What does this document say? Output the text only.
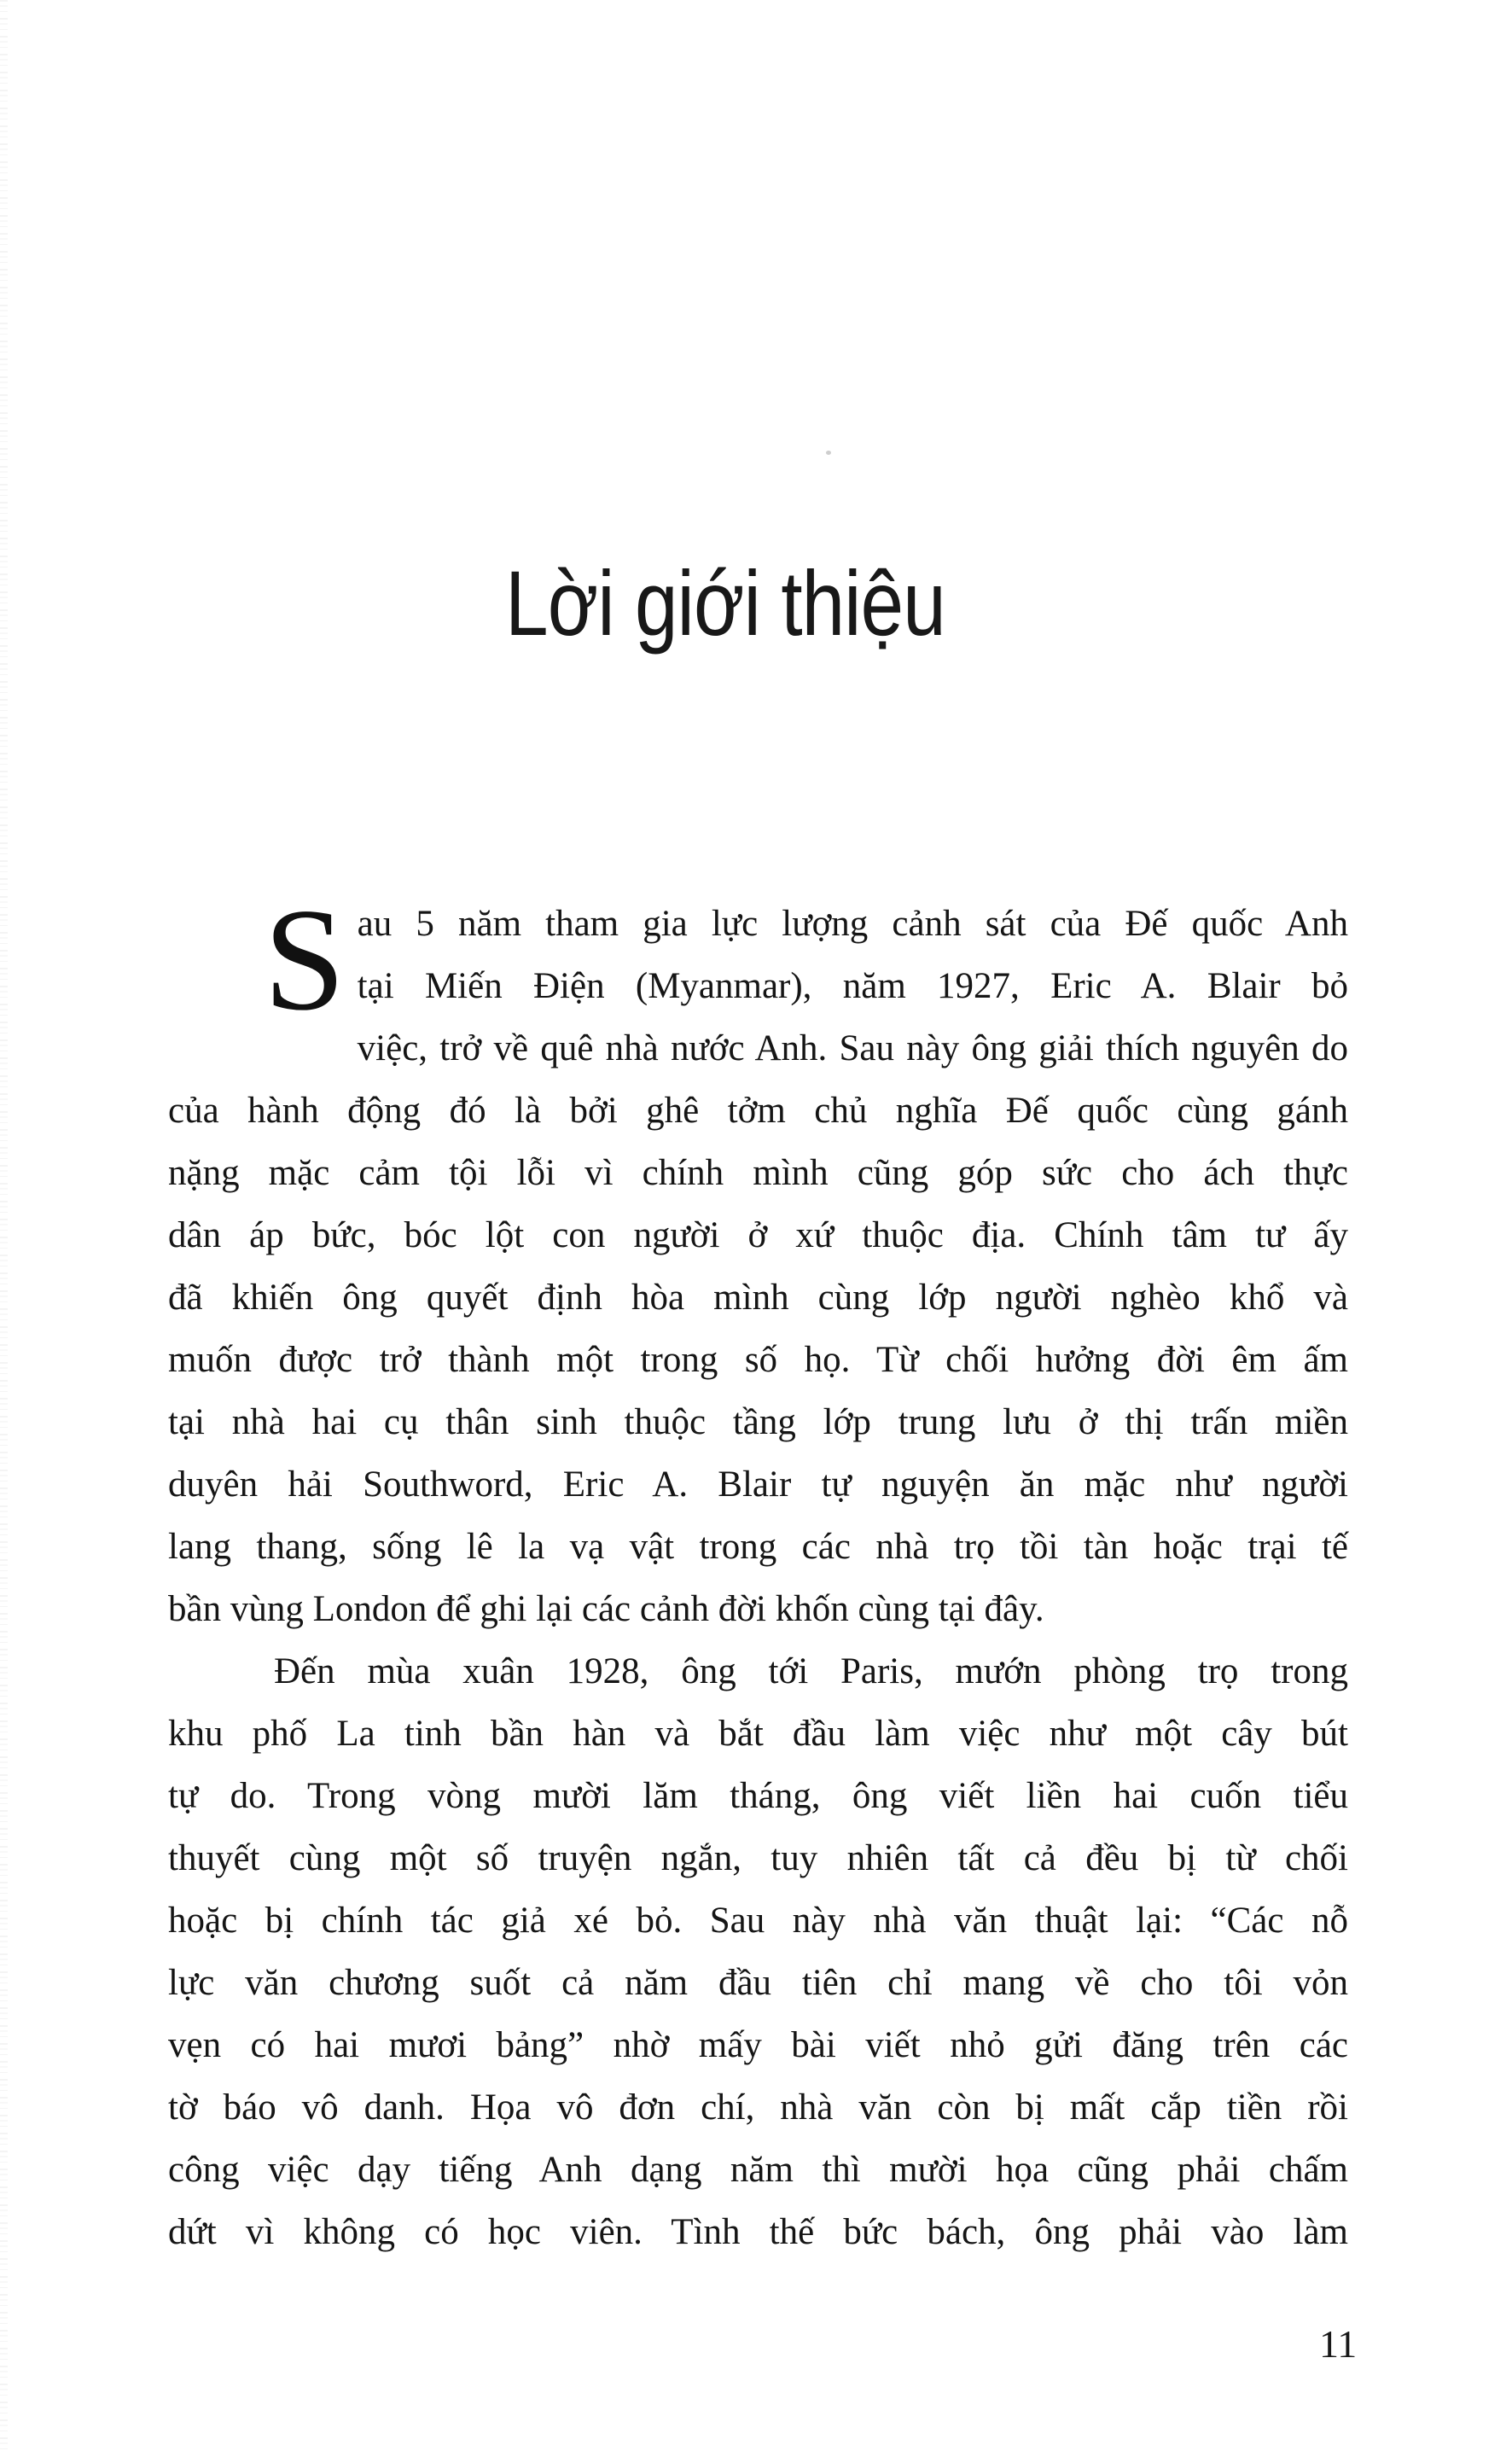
Lời giới thiệu
S au 5 năm tham gia lực lượng cảnh sát của Đế quốc Anh
tại Miến Điện (Myanmar), năm 1927, Eric A. Blair bỏ
việc, trở về quê nhà nước Anh. Sau này ông giải thích nguyên do
của hành động đó là bởi ghê tởm chủ nghĩa Đế quốc cùng gánh
nặng mặc cảm tội lỗi vì chính mình cũng góp sức cho ách thực
dân áp bức, bóc lột con người ở xứ thuộc địa. Chính tâm tư ấy
đã khiến ông quyết định hòa mình cùng lớp người nghèo khổ và
muốn được trở thành một trong số họ. Từ chối hưởng đời êm ấm
tại nhà hai cụ thân sinh thuộc tầng lớp trung lưu ở thị trấn miền
duyên hải Southword, Eric A. Blair tự nguyện ăn mặc như người
lang thang, sống lê la vạ vật trong các nhà trọ tồi tàn hoặc trại tế
bần vùng London để ghi lại các cảnh đời khốn cùng tại đây.
Đến mùa xuân 1928, ông tới Paris, mướn phòng trọ trong
khu phố La tinh bần hàn và bắt đầu làm việc như một cây bút
tự do. Trong vòng mười lăm tháng, ông viết liền hai cuốn tiểu
thuyết cùng một số truyện ngắn, tuy nhiên tất cả đều bị từ chối
hoặc bị chính tác giả xé bỏ. Sau này nhà văn thuật lại: “Các nỗ
lực văn chương suốt cả năm đầu tiên chỉ mang về cho tôi vỏn
vẹn có hai mươi bảng” nhờ mấy bài viết nhỏ gửi đăng trên các
tờ báo vô danh. Họa vô đơn chí, nhà văn còn bị mất cắp tiền rồi
công việc dạy tiếng Anh dạng năm thì mười họa cũng phải chấm
dứt vì không có học viên. Tình thế bức bách, ông phải vào làm
11
